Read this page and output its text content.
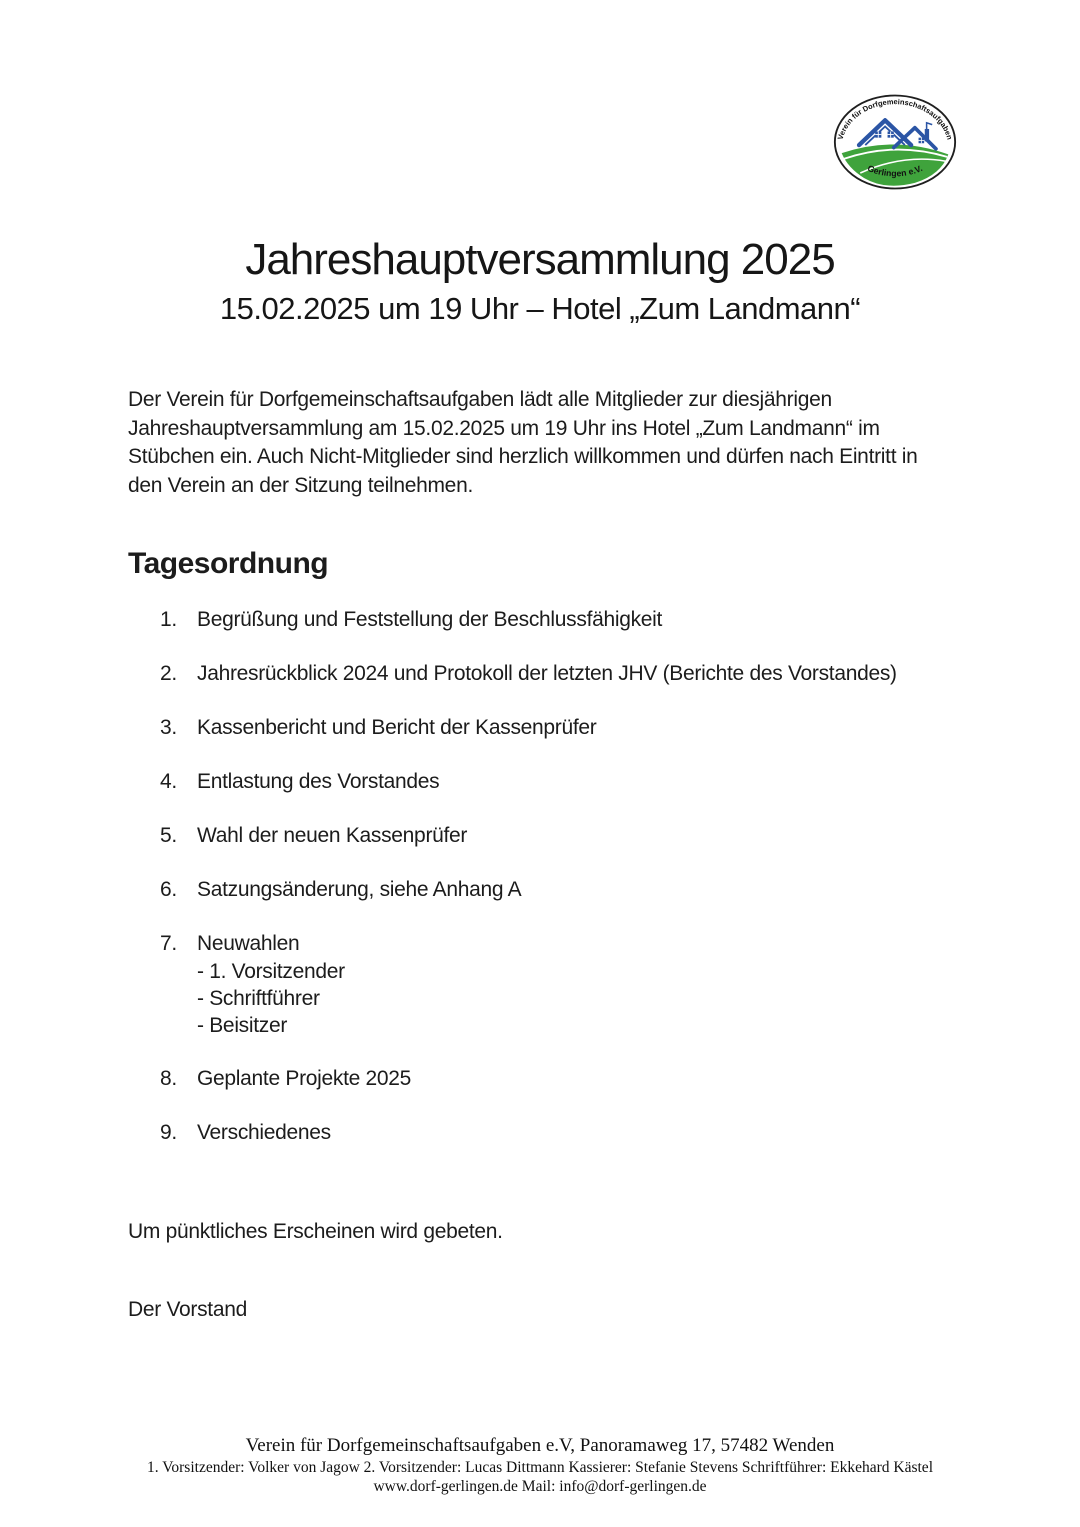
Verein für Dorfgemeinschaftsaufgaben
Gerlingen e.V.
Jahreshauptversammlung 2025
15.02.2025 um 19 Uhr – Hotel „Zum Landmann“

Der Verein für Dorfgemeinschaftsaufgaben lädt alle Mitglieder zur diesjährigen Jahreshauptversammlung am 15.02.2025 um 19 Uhr ins Hotel „Zum Landmann“ im Stübchen ein. Auch Nicht-Mitglieder sind herzlich willkommen und dürfen nach Eintritt in den Verein an der Sitzung teilnehmen.

Tagesordnung
1. Begrüßung und Feststellung der Beschlussfähigkeit
2. Jahresrückblick 2024 und Protokoll der letzten JHV (Berichte des Vorstandes)
3. Kassenbericht und Bericht der Kassenprüfer
4. Entlastung des Vorstandes
5. Wahl der neuen Kassenprüfer
6. Satzungsänderung, siehe Anhang A
7. Neuwahlen
- 1. Vorsitzender
- Schriftführer
- Beisitzer
8. Geplante Projekte 2025
9. Verschiedenes

Um pünktliches Erscheinen wird gebeten.

Der Vorstand

Verein für Dorfgemeinschaftsaufgaben e.V, Panoramaweg 17, 57482 Wenden
1. Vorsitzender: Volker von Jagow 2. Vorsitzender: Lucas Dittmann Kassierer: Stefanie Stevens Schriftführer: Ekkehard Kästel
www.dorf-gerlingen.de Mail: info@dorf-gerlingen.de
